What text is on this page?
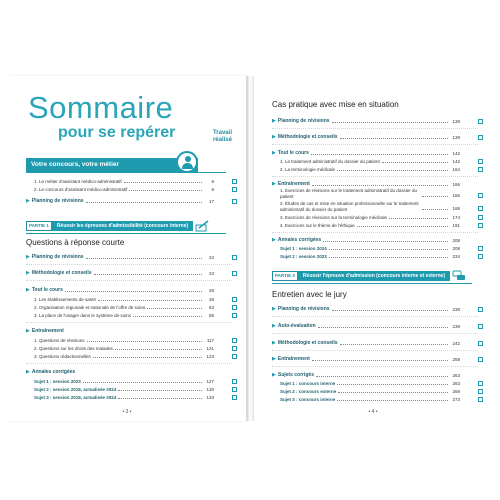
Sommaire
pour se repérer	Travail
réalisé
Votre concours, votre métier
1. Le métier d'assistant médico-administratif	8
2. Le concours d'assistant médico-administratif	8
▶ Planning de révisions	17
PARTIE 1	Réussir les épreuves d'admissibilité (concours interne)
Questions à réponse courte
▶ Planning de révisions	22
▶ Méthodologie et conseils	23
▶ Tout le cours	28
1. Les établissements de santé	28
2. Organisation régionale et nationale de l'offre de soins	63
3. La place de l'usager dans le système de soins	85
▶ Entraînement
1. Questions de révisions	117
2. Questions sur les droits des malades	121
3. Questions rédactionnelles	123
▶ Annales corrigées
Sujet 1 : session 2023	127
Sujet 2 : session 2018, actualisée 2024	130
Sujet 3 : session 2018, actualisée 2024	133
• 3 •
Cas pratique avec mise en situation
▶ Planning de révisions	138
▶ Méthodologie et conseils	139
▶ Tout le cours	142
1. Le traitement administratif du dossier du patient	142
2. La terminologie médicale	164
▶ Entraînement	166
1. Exercices de révisions sur le traitement administratif du dossier du patient	166
2. Études de cas et mise en situation professionnelle sur le traitement administratif du dossier du patient	168
3. Exercices de révisions sur la terminologie médicale	174
4. Exercices sur le thème de l'éthique	191
▶ Annales corrigées	208
Sujet 1 : session 2024	208
Sujet 2 : session 2023	234
PARTIE 2	Réussir l'épreuve d'admission (concours interne et externe)
Entretien avec le jury
▶ Planning de révisions	238
▶ Auto-évaluation	239
▶ Méthodologie et conseils	242
▶ Entraînement	259
▶ Sujets corrigés	263
Sujet 1 : concours interne	263
Sujet 2 : concours externe	268
Sujet 3 : concours interne	273
• 4 •
